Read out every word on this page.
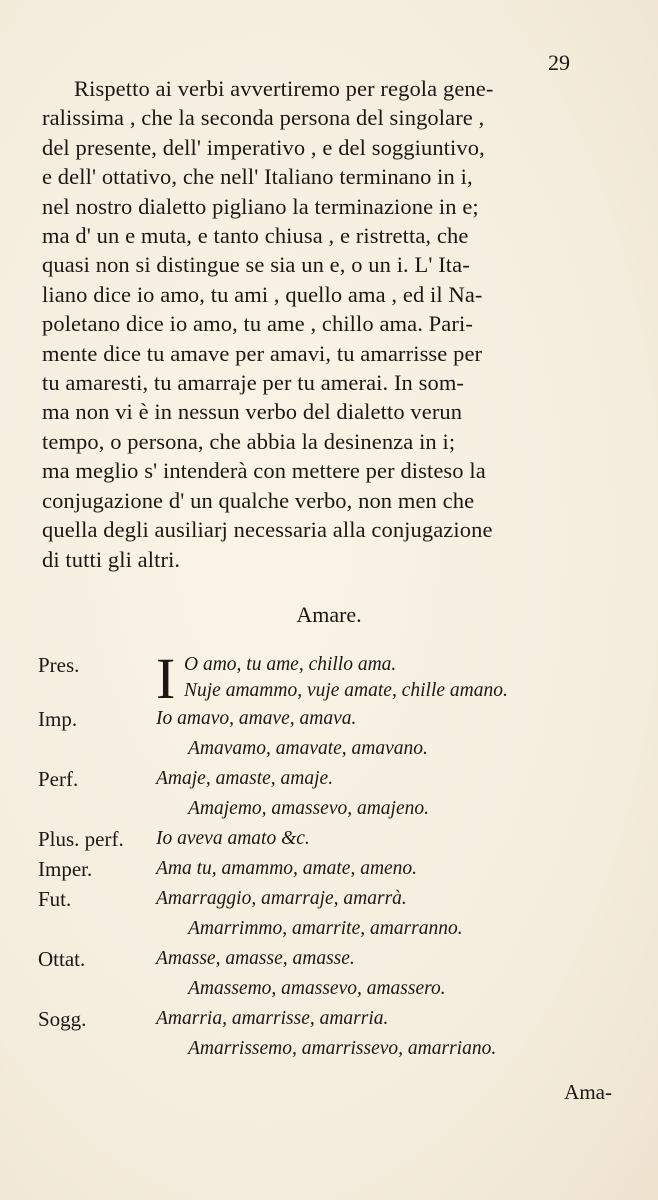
29
Rispetto ai verbi avvertiremo per regola gene-
ralissima , che la seconda persona del singolare ,
del presente, dell' imperativo , e del soggiuntivo,
e dell' ottativo, che nell' Italiano terminano in i,
nel nostro dialetto pigliano la terminazione in e;
ma d' un e muta, e tanto chiusa , e ristretta, che
quasi non si distingue se sia un e, o un i. L' Ita-
liano dice io amo, tu ami , quello ama , ed il Na-
poletano dice io amo, tu ame , chillo ama. Pari-
mente dice tu amave per amavi, tu amarrisse per
tu amaresti, tu amarraje per tu amerai. In som-
ma non vi è in nessun verbo del dialetto verun
tempo, o persona, che abbia la desinenza in i;
ma meglio s' intenderà con mettere per disteso la
conjugazione d' un qualche verbo, non men che
quella degli ausiliarj necessaria alla conjugazione
di tutti gli altri.
Amare.
Pres. I O amo, tu ame, chillo ama.
Nuje amammo, vuje amate, chille amano.
Imp.	Io amavo, amave, amava.
Amavamo, amavate, amavano.
Perf.	Amaje, amaste, amaje.
Amajemo, amassevo, amajeno.
Plus. perf. Io aveva amato &c.
Imper.	Ama tu, amammo, amate, ameno.
Fut.	Amarraggio, amarraje, amarrà.
Amarrimmo, amarrite, amarranno.
Ottat.	Amasse, amasse, amasse.
Amassemo, amassevo, amassero.
Sogg.	Amarria, amarrisse, amarria.
Amarrissemo, amarrissevo, amarriano.
Ama-
